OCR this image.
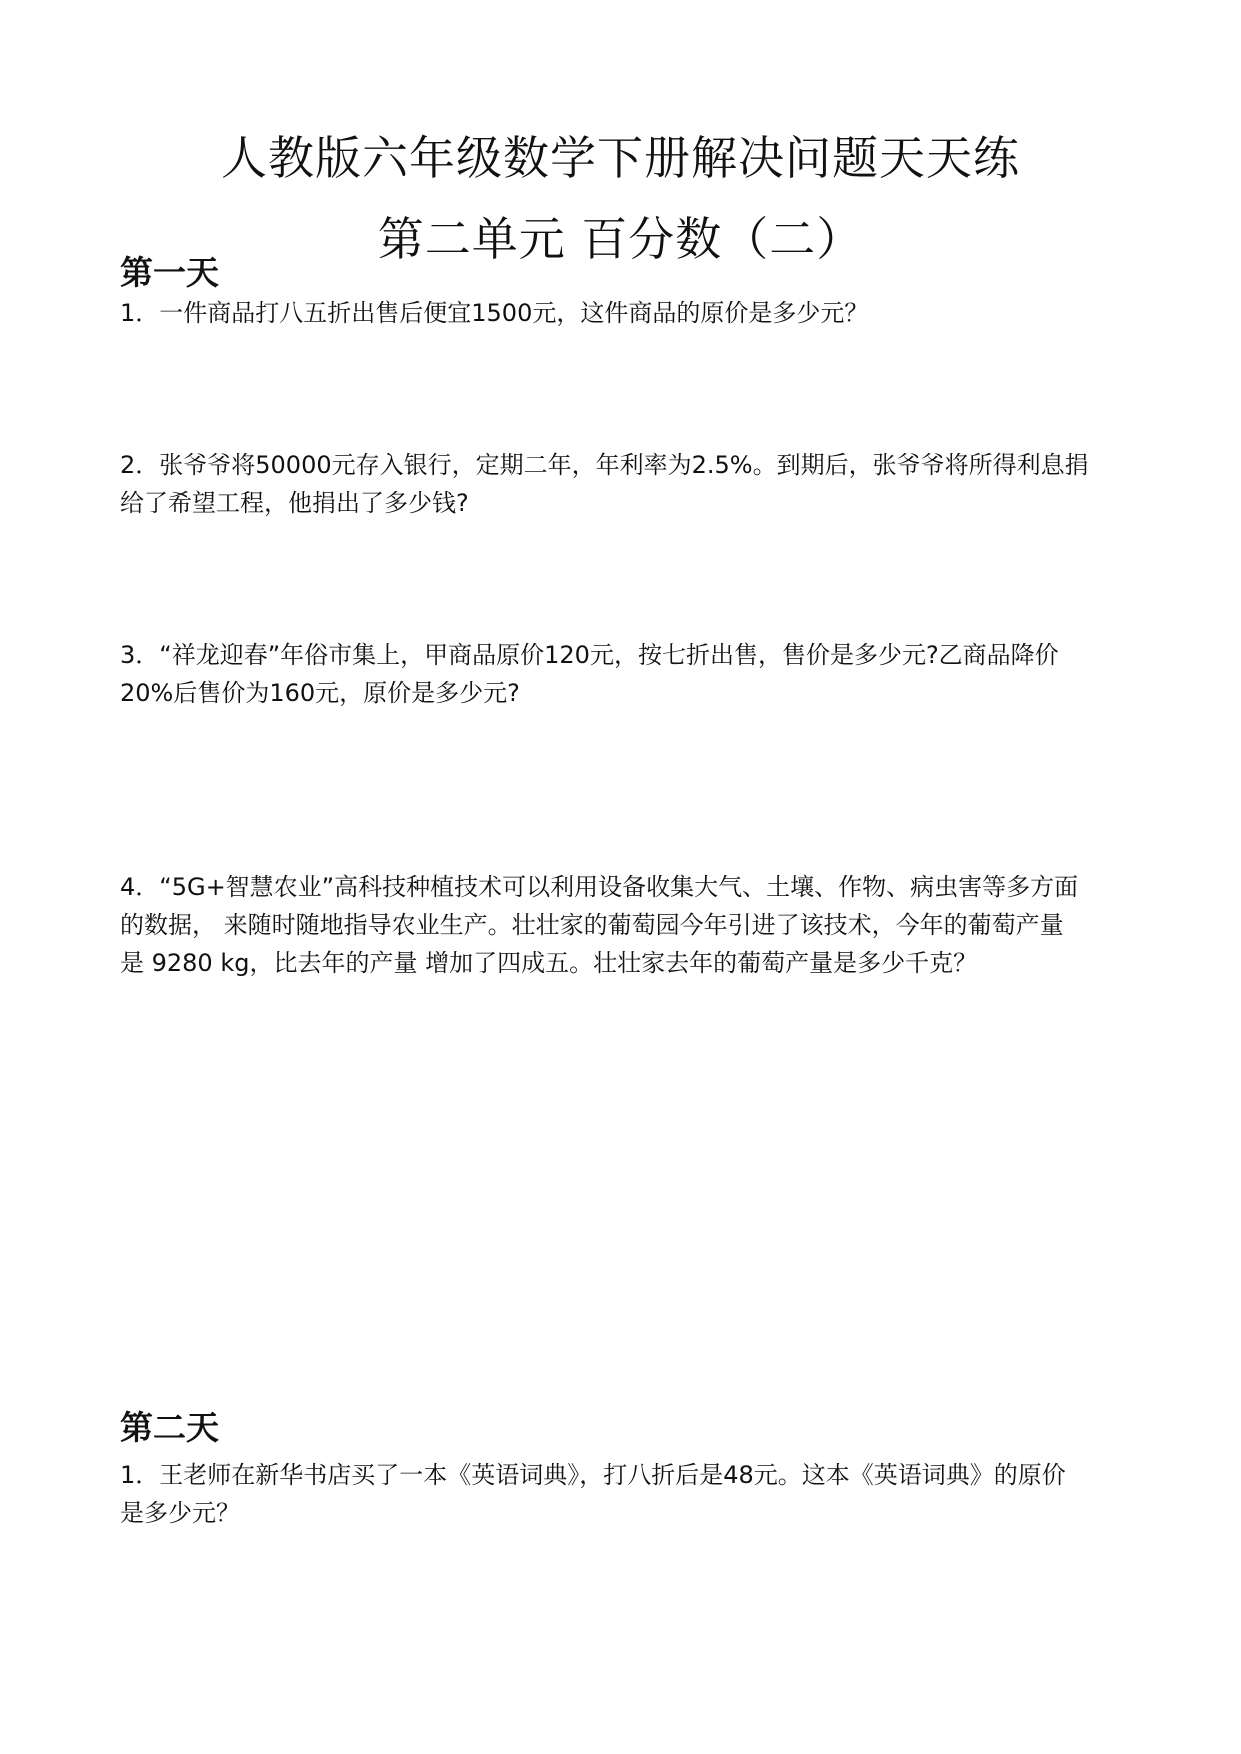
人教版六年级数学下册解决问题天天练
第二单元 百分数（二）
第一天
1．一件商品打八五折出售后便宜1500元，这件商品的原价是多少元？
2．张爷爷将50000元存入银行，定期二年，年利率为2.5%。到期后，张爷爷将所得利息捐
给了希望工程，他捐出了多少钱?
3．“祥龙迎春”年俗市集上，甲商品原价120元，按七折出售，售价是多少元?乙商品降价
20%后售价为160元，原价是多少元?
4．“5G+智慧农业”高科技种植技术可以利用设备收集大气、土壤、作物、病虫害等多方面
的数据， 来随时随地指导农业生产。壮壮家的葡萄园今年引进了该技术，今年的葡萄产量
是 9280 kg，比去年的产量 增加了四成五。壮壮家去年的葡萄产量是多少千克？
第二天
1．王老师在新华书店买了一本《英语词典》，打八折后是48元。这本《英语词典》的原价
是多少元？
